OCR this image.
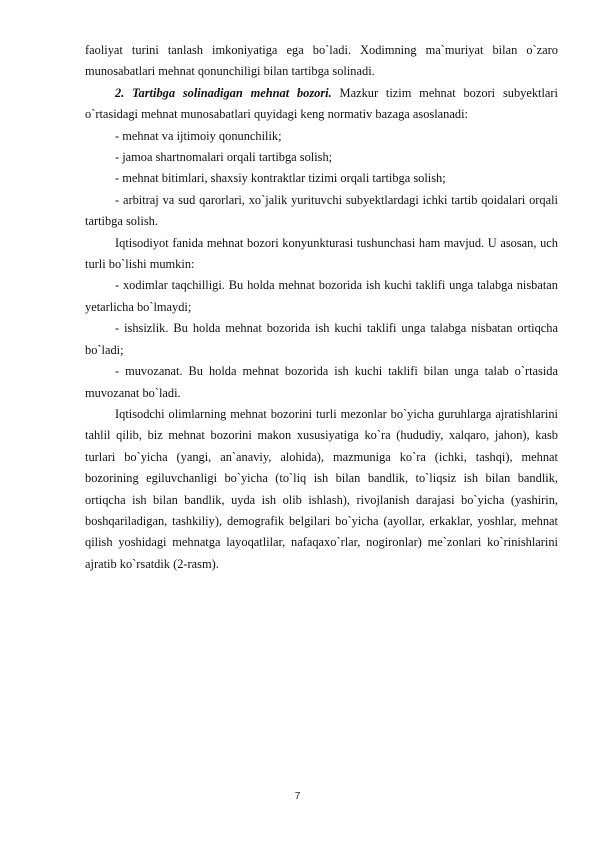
faoliyat turini tanlash imkoniyatiga ega bo`ladi. Xodimning ma`muriyat bilan o`zaro munosabatlari mehnat qonunchiligi bilan tartibga solinadi.

2. Tartibga solinadigan mehnat bozori. Mazkur tizim mehnat bozori subyektlari o`rtasidagi mehnat munosabatlari quyidagi keng normativ bazaga asoslanadi:

- mehnat va ijtimoiy qonunchilik;

- jamoa shartnomalari orqali tartibga solish;

- mehnat bitimlari, shaxsiy kontraktlar tizimi orqali tartibga solish;

- arbitraj va sud qarorlari, xo`jalik yurituvchi subyektlardagi ichki tartib qoidalari orqali tartibga solish.

Iqtisodiyot fanida mehnat bozori konyunkturasi tushunchasi ham mavjud. U asosan, uch turli bo`lishi mumkin:

- xodimlar taqchilligi. Bu holda mehnat bozorida ish kuchi taklifi unga talabga nisbatan yetarlicha bo`lmaydi;

- ishsizlik. Bu holda mehnat bozorida ish kuchi taklifi unga talabga nisbatan ortiqcha bo`ladi;

- muvozanat. Bu holda mehnat bozorida ish kuchi taklifi bilan unga talab o`rtasida muvozanat bo`ladi.

Iqtisodchi olimlarning mehnat bozorini turli mezonlar bo`yicha guruhlarga ajratishlarini tahlil qilib, biz mehnat bozorini makon xususiyatiga ko`ra (hududiy, xalqaro, jahon), kasb turlari bo`yicha (yangi, an`anaviy, alohida), mazmuniga ko`ra (ichki, tashqi), mehnat bozorining egiluvchanligi bo`yicha (to`liq ish bilan bandlik, to`liqsiz ish bilan bandlik, ortiqcha ish bilan bandlik, uyda ish olib ishlash), rivojlanish darajasi bo`yicha (yashirin, boshqariladigan, tashkiliy), demografik belgilari bo`yicha (ayollar, erkaklar, yoshlar, mehnat qilish yoshidagi mehnatga layoqatlilar, nafaqaxo`rlar, nogironlar) me`zonlari ko`rinishlarini ajratib ko`rsatdik (2-rasm).

7
